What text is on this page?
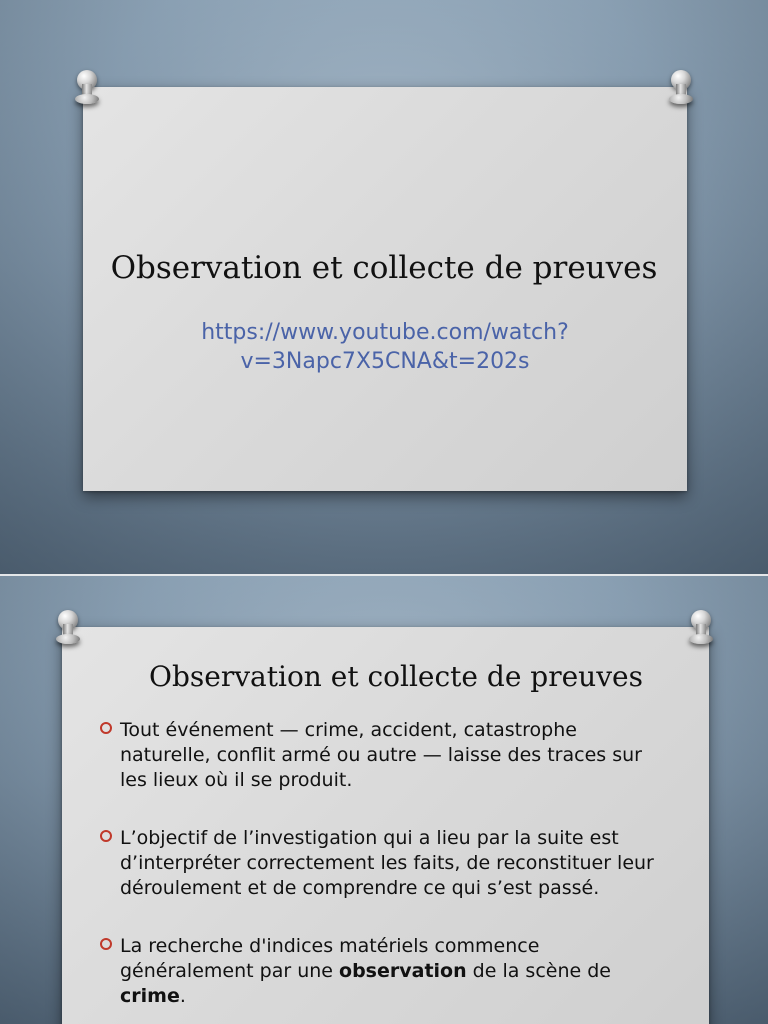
Observation et collecte de preuves
https://www.youtube.com/watch?
v=3Napc7X5CNA&t=202s
Observation et collecte de preuves
Tout événement — crime, accident, catastrophe naturelle, conflit armé ou autre — laisse des traces sur les lieux où il se produit.
L’objectif de l’investigation qui a lieu par la suite est d’interpréter correctement les faits, de reconstituer leur déroulement et de comprendre ce qui s’est passé.
La recherche d'indices matériels commence généralement par une observation de la scène de crime.
